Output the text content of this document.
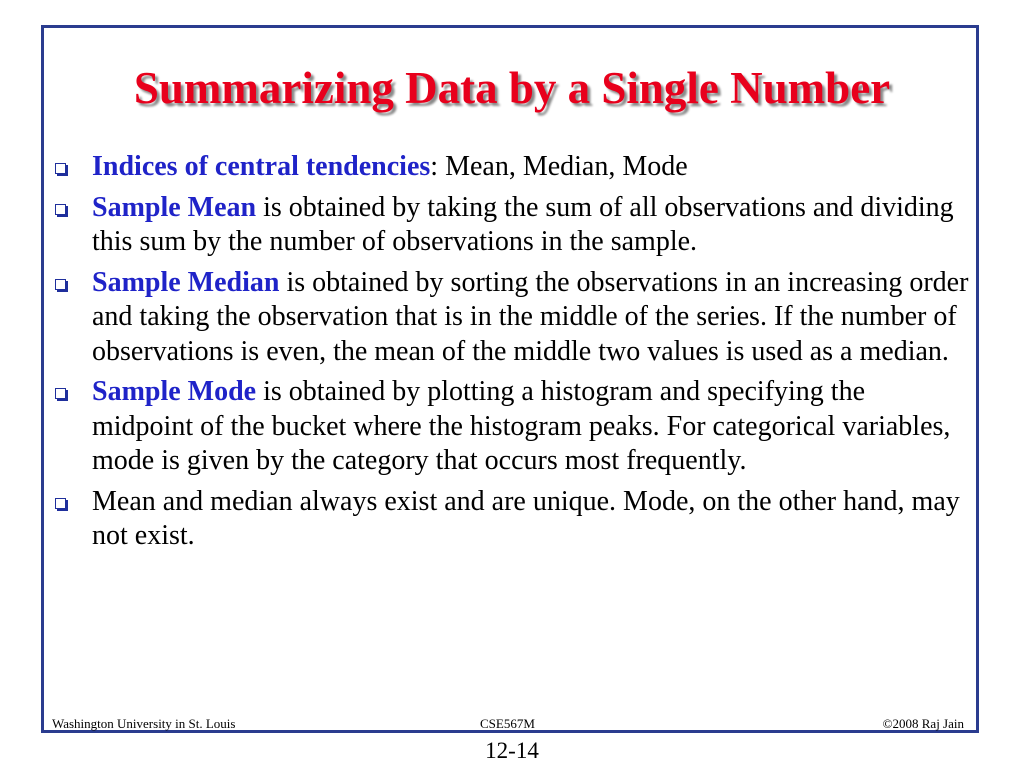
Summarizing Data by a Single Number
Indices of central tendencies: Mean, Median, Mode
Sample Mean is obtained by taking the sum of all observations and dividing this sum by the number of observations in the sample.
Sample Median is obtained by sorting the observations in an increasing order and taking the observation that is in the middle of the series. If the number of observations is even, the mean of the middle two values is used as a median.
Sample Mode is obtained by plotting a histogram and specifying the midpoint of the bucket where the histogram peaks. For categorical variables, mode is given by the category that occurs most frequently.
Mean and median always exist and are unique. Mode, on the other hand, may not exist.
Washington University in St. Louis	CSE567M	©2008 Raj Jain
12-14
